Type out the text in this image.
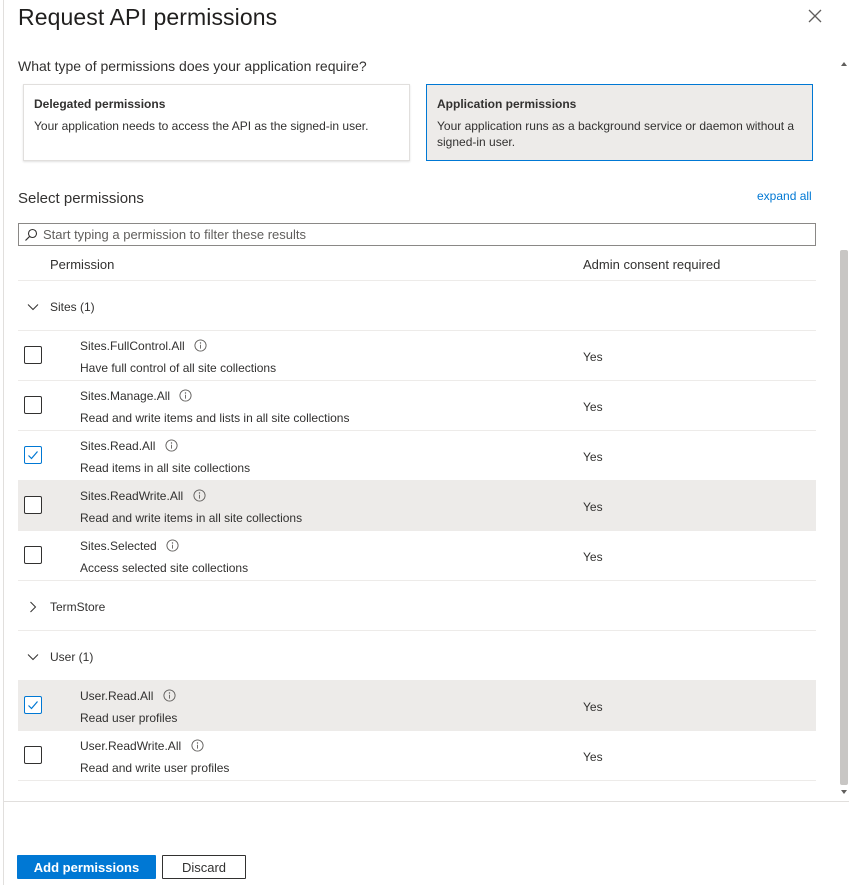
Request API permissions
What type of permissions does your application require?
Delegated permissions
Your application needs to access the API as the signed-in user.
Application permissions
Your application runs as a background service or daemon without a signed-in user.
Select permissions	expand all
Start typing a permission to filter these results
Permission	Admin consent required
Sites (1)
Sites.FullControl.All
Have full control of all site collections
Yes
Sites.Manage.All
Read and write items and lists in all site collections
Yes
Sites.Read.All
Read items in all site collections
Yes
Sites.ReadWrite.All
Read and write items in all site collections
Yes
Sites.Selected
Access selected site collections
Yes
TermStore
User (1)
User.Read.All
Read user profiles
Yes
User.ReadWrite.All
Read and write user profiles
Yes
Add permissions	Discard
